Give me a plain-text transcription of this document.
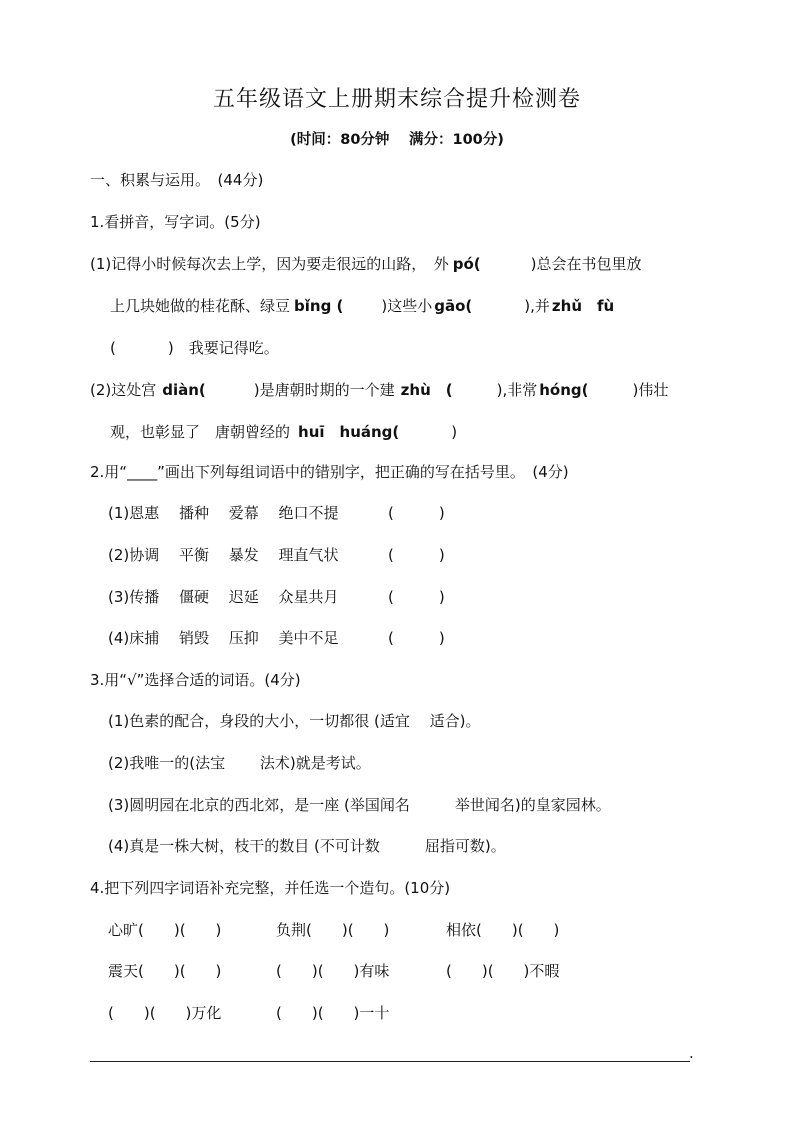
五年级语文上册期末综合提升检测卷
(时间：80分钟　 满分：100分)
一、积累与运用。　(44分)
1.看拼音，写字词。(5分)
(1)记得小时候每次去上学，因为要走很远的山路，　外 pó(	)总会在书包里放
上几块她做的桂花酥、绿豆 bǐng (	)这些小 gāo(	),并 zhǔ　fù
(	)　我要记得吃。
(2)这处宫 diàn(	)是唐朝时期的一个建 zhù　(	),非常 hóng(	)伟壮
观，也彰显了　唐朝曾经的 huī　huáng(	)
2.用“____”画出下列每组词语中的错别字，把正确的写在括号里。　(4分)
(1)恩惠　 播种　 爱幕　 绝口不提	(　　　)
(2)协调　 平衡　 暴发　 理直气状	(　　　)
(3)传播　 僵硬　 迟延　 众星共月	(　　　)
(4)床捕　 销毁　 压抑　 美中不足	(　　　)
3.用“√”选择合适的词语。(4分)
(1)色素的配合，身段的大小，一切都很 (适宜　 适合)。
(2)我唯一的(法宝　　 法术)就是考试。
(3)圆明园在北京的西北郊，是一座 (举国闻名　　　举世闻名)的皇家园林。
(4)真是一株大树，枝干的数目 (不可计数　　　屈指可数)。
4.把下列四字词语补充完整，并任选一个造句。(10分)
心旷(　　)(　　)	负荆(　　)(　　)	相依(　　)(　　)
震天(　　)(　　)	(　　)(　　)有味	(　　)(　　)不暇
(　　)(　　)万化	(　　)(　　)一十
.
